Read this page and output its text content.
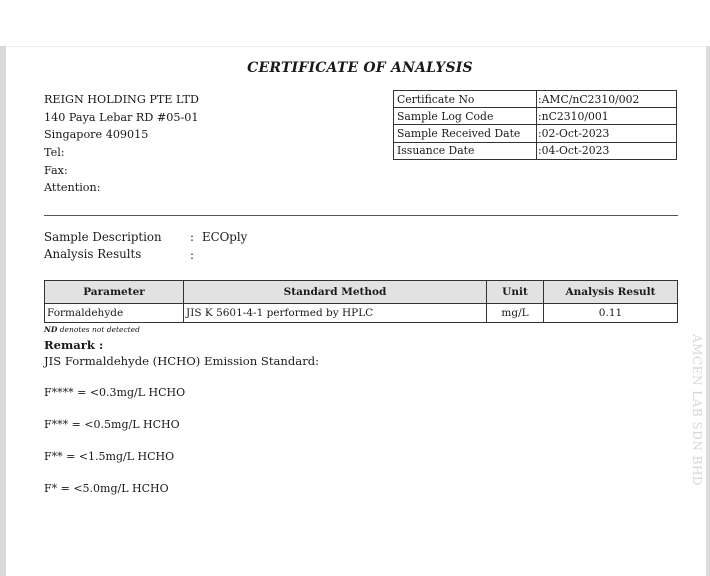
CERTIFICATE OF ANALYSIS
REIGN HOLDING PTE LTD
140 Paya Lebar RD #05-01
Singapore 409015
Tel:
Fax:
Attention:
Certificate No	:AMC/nC2310/002
Sample Log Code	:nC2310/001
Sample Received Date	:02-Oct-2023
Issuance Date	:04-Oct-2023
Sample Description : ECOply
Analysis Results	:
Parameter	Standard Method	Unit	Analysis Result
Formaldehyde	JIS K 5601-4-1 performed by HPLC	mg/L	0.11
ND denotes not detected
Remark :
JIS Formaldehyde (HCHO) Emission Standard:
F**** = <0.3mg/L HCHO
F*** = <0.5mg/L HCHO
F** = <1.5mg/L HCHO
F* = <5.0mg/L HCHO
AMCEN LAB SDN BHD
